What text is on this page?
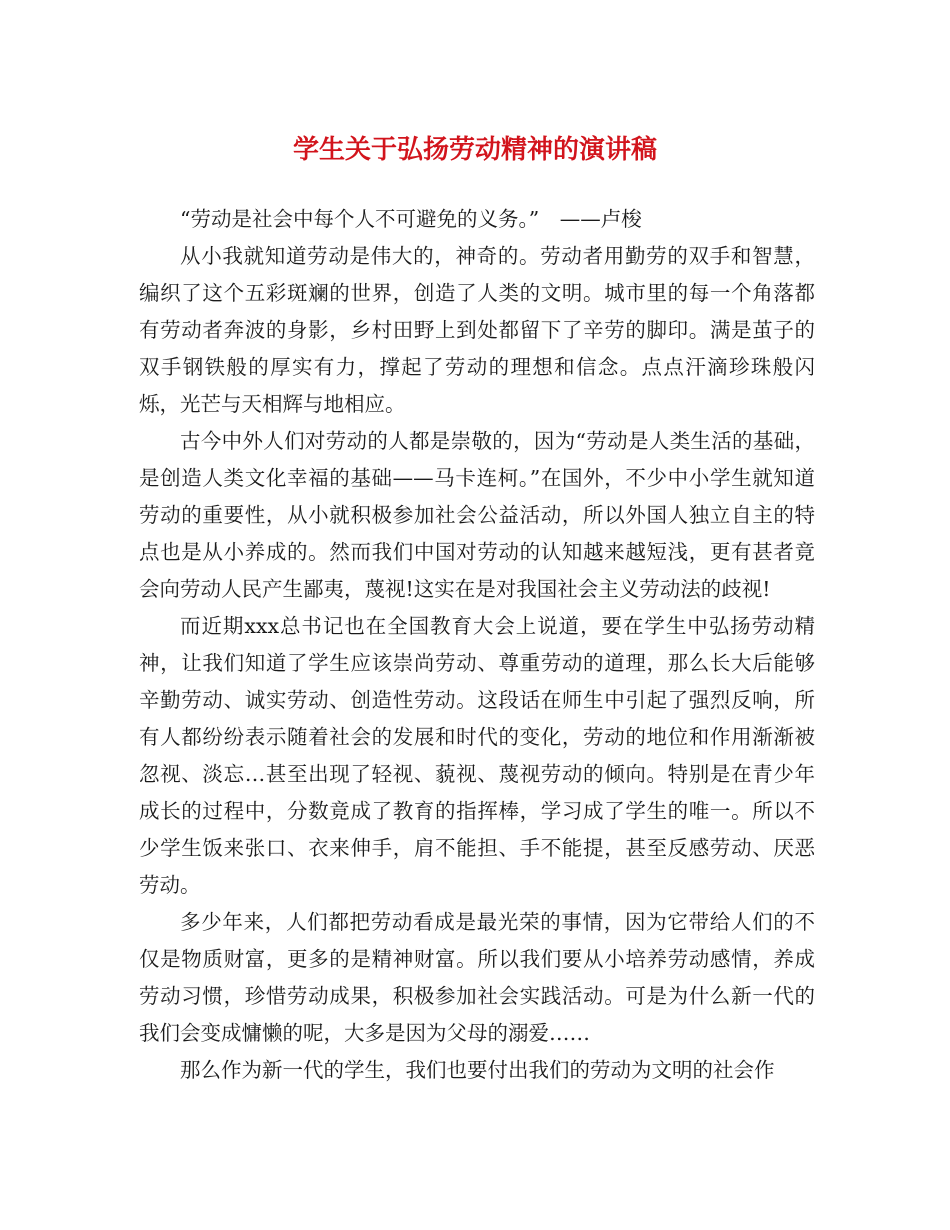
学生关于弘扬劳动精神的演讲稿

“劳动是社会中每个人不可避免的义务。”　——卢梭

从小我就知道劳动是伟大的，神奇的。劳动者用勤劳的双手和智慧，编织了这个五彩斑斓的世界，创造了人类的文明。城市里的每一个角落都有劳动者奔波的身影，乡村田野上到处都留下了辛劳的脚印。满是茧子的双手钢铁般的厚实有力，撑起了劳动的理想和信念。点点汗滴珍珠般闪烁，光芒与天相辉与地相应。

古今中外人们对劳动的人都是崇敬的，因为“劳动是人类生活的基础，是创造人类文化幸福的基础——马卡连柯。”在国外，不少中小学生就知道劳动的重要性，从小就积极参加社会公益活动，所以外国人独立自主的特点也是从小养成的。然而我们中国对劳动的认知越来越短浅，更有甚者竟会向劳动人民产生鄙夷，蔑视!这实在是对我国社会主义劳动法的歧视!

而近期xxx总书记也在全国教育大会上说道，要在学生中弘扬劳动精神，让我们知道了学生应该崇尚劳动、尊重劳动的道理，那么长大后能够辛勤劳动、诚实劳动、创造性劳动。这段话在师生中引起了强烈反响，所有人都纷纷表示随着社会的发展和时代的变化，劳动的地位和作用渐渐被忽视、淡忘…甚至出现了轻视、藐视、蔑视劳动的倾向。特别是在青少年成长的过程中，分数竟成了教育的指挥棒，学习成了学生的唯一。所以不少学生饭来张口、衣来伸手，肩不能担、手不能提，甚至反感劳动、厌恶劳动。

多少年来，人们都把劳动看成是最光荣的事情，因为它带给人们的不仅是物质财富，更多的是精神财富。所以我们要从小培养劳动感情，养成劳动习惯，珍惜劳动成果，积极参加社会实践活动。可是为什么新一代的我们会变成慵懒的呢，大多是因为父母的溺爱……

那么作为新一代的学生，我们也要付出我们的劳动为文明的社会作
